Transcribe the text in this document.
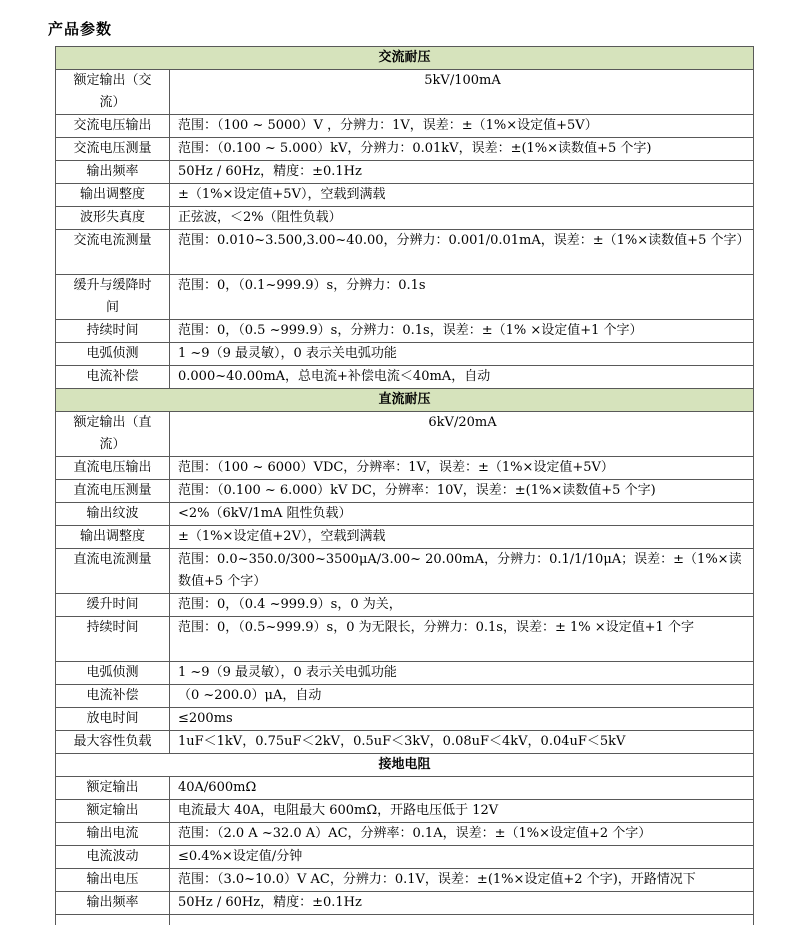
产品参数
交流耐压	
额定输出（交流）	5kV/100mA
交流电压输出	范围：（100 ~ 5000）V ，分辨力：1V，误差：±（1%×设定值+5V）
交流电压测量	范围：（0.100 ~ 5.000）kV，分辨力：0.01kV，误差：±(1%×读数值+5 个字)
输出频率	50Hz / 60Hz，精度：±0.1Hz
输出调整度	±（1%×设定值+5V），空载到满载
波形失真度	正弦波，＜2%（阻性负载）
交流电流测量	范围：0.010~3.500,3.00~40.00，分辨力：0.001/0.01mA，误差：±（1%×读数值+5 个字）
缓升与缓降时间	范围：0，（0.1~999.9）s，分辨力：0.1s
持续时间	范围：0，（0.5 ~999.9）s，分辨力：0.1s，误差：±（1% ×设定值+1 个字）
电弧侦测	1 ~9（9 最灵敏），0 表示关电弧功能
电流补偿	0.000~40.00mA，总电流+补偿电流＜40mA，自动
直流耐压	
额定输出（直流）	6kV/20mA
直流电压输出	范围：（100 ~ 6000）VDC，分辨率：1V，误差：±（1%×设定值+5V）
直流电压测量	范围：（0.100 ~ 6.000）kV DC，分辨率：10V，误差：±(1%×读数值+5 个字)
输出纹波	<2%（6kV/1mA 阻性负载）
输出调整度	±（1%×设定值+2V），空载到满载
直流电流测量	范围：0.0~350.0/300~3500μA/3.00~ 20.00mA，分辨力：0.1/1/10μA；误差：±（1%×读数值+5 个字）
缓升时间	范围：0，（0.4 ~999.9）s，0 为关，
持续时间	范围：0，（0.5~999.9）s，0 为无限长，分辨力：0.1s，误差：± 1% ×设定值+1 个字
电弧侦测	1 ~9（9 最灵敏），0 表示关电弧功能
电流补偿	（0 ~200.0）μA，自动
放电时间	≤200ms
最大容性负载	1uF＜1kV，0.75uF＜2kV，0.5uF＜3kV，0.08uF＜4kV，0.04uF＜5kV
接地电阻	
额定输出	40A/600mΩ
额定输出	电流最大 40A，电阻最大 600mΩ，开路电压低于 12V
输出电流	范围：（2.0 A ~32.0 A）AC，分辨率：0.1A，误差：±（1%×设定值+2 个字）
电流波动	≤0.4%×设定值/分钟
输出电压	范围：（3.0~10.0）V AC，分辨力：0.1V，误差：±(1%×设定值+2 个字)，开路情况下
输出频率	50Hz / 60Hz，精度：±0.1Hz
